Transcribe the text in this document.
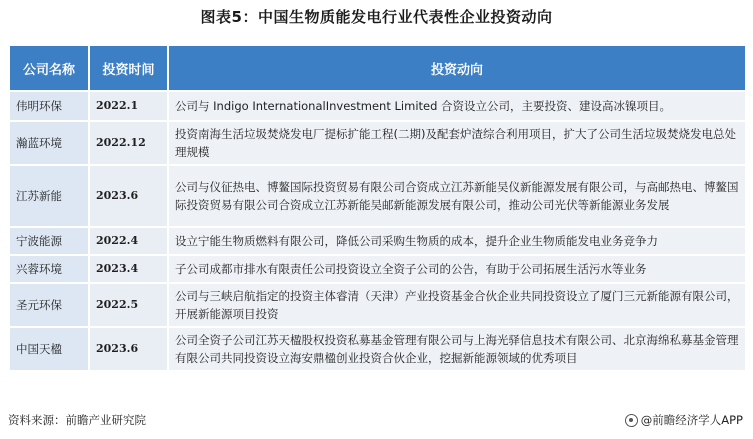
图表5：中国生物质能发电行业代表性企业投资动向
公司名称	投资时间	投资动向
伟明环保	2022.1	公司与 Indigo InternationalInvestment Limited 合资设立公司，主要投资、建设高冰镍项目。
瀚蓝环境	2022.12	投资南海生活垃圾焚烧发电厂提标扩能工程(二期)及配套炉渣综合利用项目，扩大了公司生活垃圾焚烧发电总处理规模
江苏新能	2023.6	公司与仪征热电、博鳌国际投资贸易有限公司合资成立江苏新能吴仪新能源发展有限公司，与高邮热电、博鳌国际投资贸易有限公司合资成立江苏新能吴邮新能源发展有限公司，推动公司光伏等新能源业务发展
宁波能源	2022.4	设立宁能生物质燃料有限公司，降低公司采购生物质的成本，提升企业生物质能发电业务竞争力
兴蓉环境	2023.4	子公司成都市排水有限责任公司投资设立全资子公司的公告，有助于公司拓展生活污水等业务
圣元环保	2022.5	公司与三峡启航指定的投资主体睿清（天津）产业投资基金合伙企业共同投资设立了厦门三元新能源有限公司，开展新能源项目投资
中国天楹	2023.6	公司全资子公司江苏天楹股权投资私募基金管理有限公司与上海光驿信息技术有限公司、北京海绵私募基金管理有限公司共同投资设立海安鼎楹创业投资合伙企业，挖掘新能源领域的优秀项目
资料来源：前瞻产业研究院	@前瞻经济学人APP
